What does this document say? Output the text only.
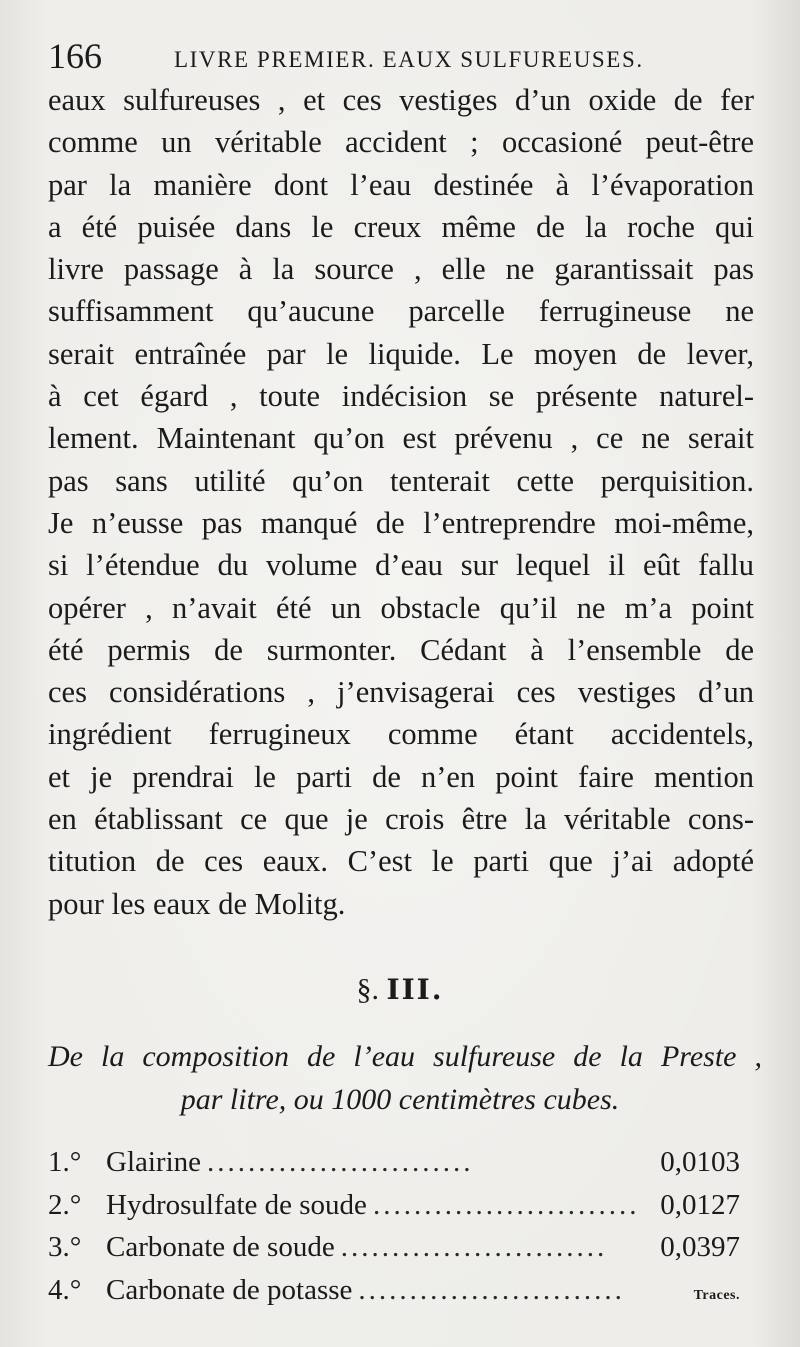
166	LIVRE PREMIER. EAUX SULFUREUSES.
eaux sulfureuses , et ces vestiges d’un oxide de fer
comme un véritable accident ; occasioné peut-être
par la manière dont l’eau destinée à l’évaporation
a été puisée dans le creux même de la roche qui
livre passage à la source , elle ne garantissait pas
suffisamment qu’aucune parcelle ferrugineuse ne
serait entraînée par le liquide. Le moyen de lever,
à cet égard , toute indécision se présente naturel-
lement. Maintenant qu’on est prévenu , ce ne serait
pas sans utilité qu’on tenterait cette perquisition.
Je n’eusse pas manqué de l’entreprendre moi-même,
si l’étendue du volume d’eau sur lequel il eût fallu
opérer , n’avait été un obstacle qu’il ne m’a point
été permis de surmonter. Cédant à l’ensemble de
ces considérations , j’envisagerai ces vestiges d’un
ingrédient ferrugineux comme étant accidentels,
et je prendrai le parti de n’en point faire mention
en établissant ce que je crois être la véritable cons-
titution de ces eaux. C’est le parti que j’ai adopté
pour les eaux de Molitg.
§. III.
De la composition de l’eau sulfureuse de la Preste ,
par litre, ou 1000 centimètres cubes.
1.° Glairine ..........................	0,0103
2.° Hydrosulfate de soude .......................... 0,0127
3.° Carbonate de soude ..........................	0,0397
4.° Carbonate de potasse ..........................	Traces.
